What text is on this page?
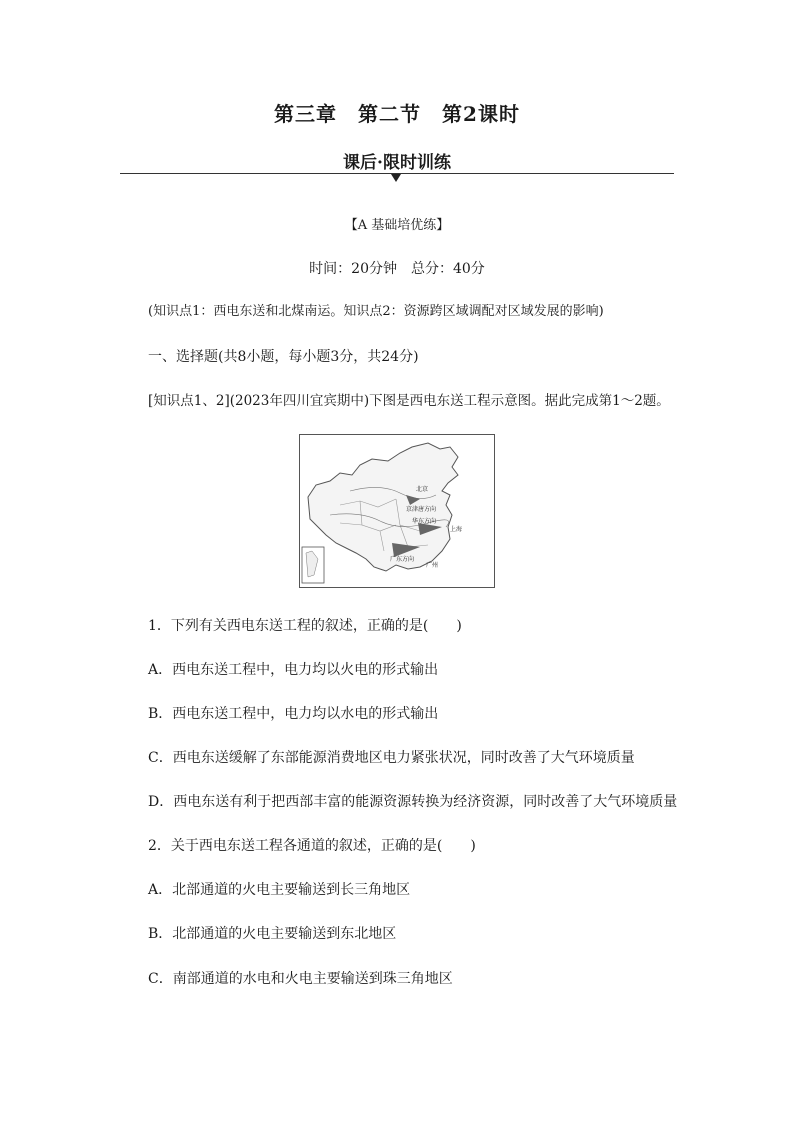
第三章　第二节　第2课时
课后·限时训练
【A 基础培优练】
时间：20分钟　总分：40分
(知识点1：西电东送和北煤南运。知识点2：资源跨区域调配对区域发展的影响)
一、选择题(共8小题，每小题3分，共24分)
[知识点1、2](2023年四川宜宾期中)下图是西电东送工程示意图。据此完成第1～2题。
北京
京津唐方向
华东方向
上海
广东方向
广州
1．下列有关西电东送工程的叙述，正确的是(　　)
A．西电东送工程中，电力均以火电的形式输出
B．西电东送工程中，电力均以水电的形式输出
C．西电东送缓解了东部能源消费地区电力紧张状况，同时改善了大气环境质量
D．西电东送有利于把西部丰富的能源资源转换为经济资源，同时改善了大气环境质量
2．关于西电东送工程各通道的叙述，正确的是(　　)
A．北部通道的火电主要输送到长三角地区
B．北部通道的火电主要输送到东北地区
C．南部通道的水电和火电主要输送到珠三角地区
